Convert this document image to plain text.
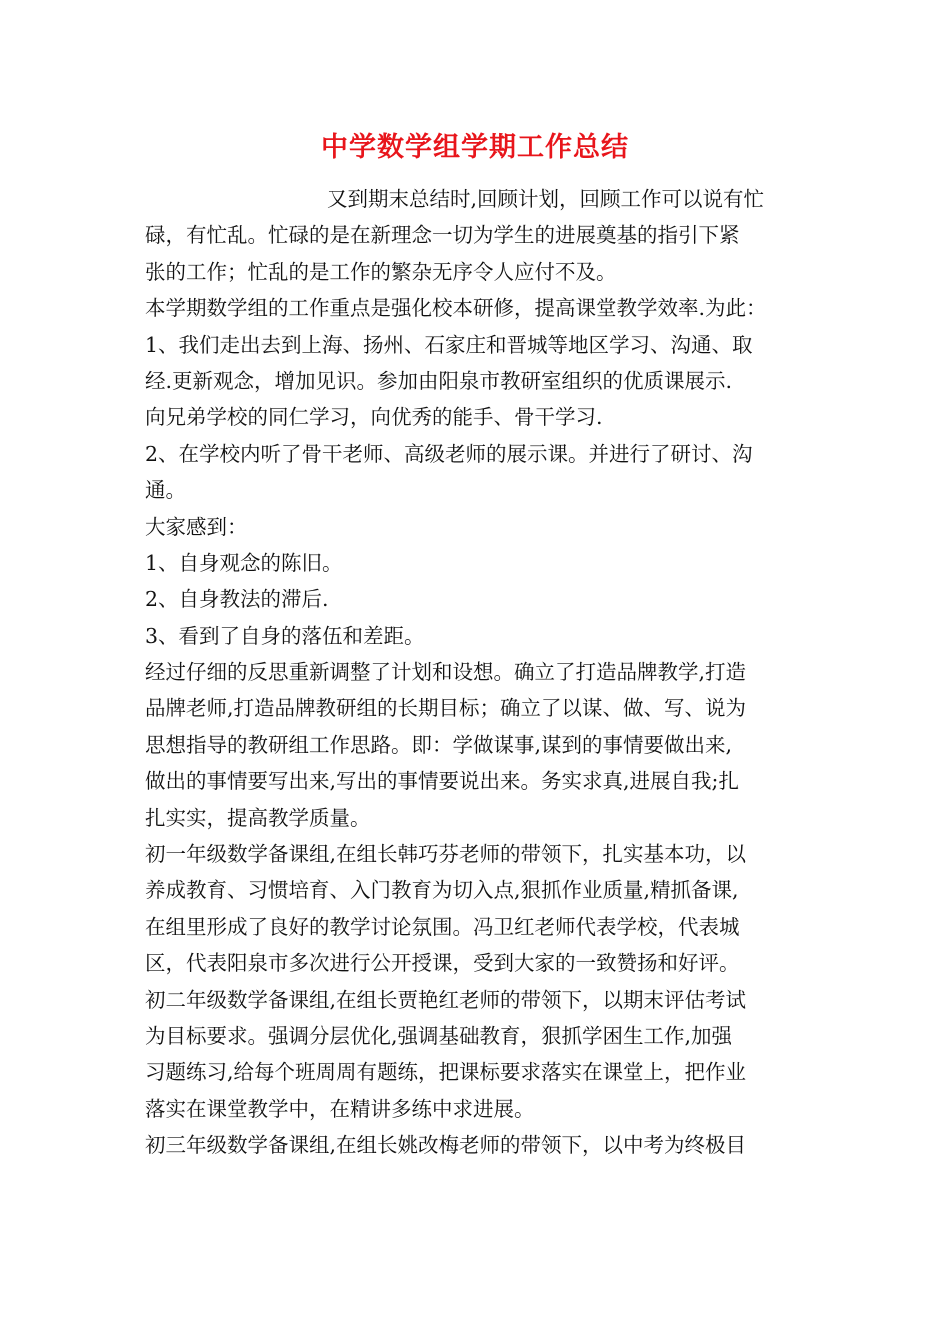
中学数学组学期工作总结
又到期末总结时,回顾计划，回顾工作可以说有忙
碌，有忙乱。忙碌的是在新理念一切为学生的进展奠基的指引下紧
张的工作；忙乱的是工作的繁杂无序令人应付不及。
本学期数学组的工作重点是强化校本研修，提高课堂教学效率.为此：
1、我们走出去到上海、扬州、石家庄和晋城等地区学习、沟通、取
经.更新观念，增加见识。参加由阳泉市教研室组织的优质课展示.
向兄弟学校的同仁学习，向优秀的能手、骨干学习.
2、在学校内听了骨干老师、高级老师的展示课。并进行了研讨、沟
通。
大家感到：
1、自身观念的陈旧。
2、自身教法的滞后.
3、看到了自身的落伍和差距。
经过仔细的反思重新调整了计划和设想。确立了打造品牌教学,打造
品牌老师,打造品牌教研组的长期目标；确立了以谋、做、写、说为
思想指导的教研组工作思路。即：学做谋事,谋到的事情要做出来,
做出的事情要写出来,写出的事情要说出来。务实求真,进展自我;扎
扎实实，提高教学质量。
初一年级数学备课组,在组长韩巧芬老师的带领下，扎实基本功，以
养成教育、习惯培育、入门教育为切入点,狠抓作业质量,精抓备课,
在组里形成了良好的教学讨论氛围。冯卫红老师代表学校，代表城
区，代表阳泉市多次进行公开授课，受到大家的一致赞扬和好评。
初二年级数学备课组,在组长贾艳红老师的带领下，以期末评估考试
为目标要求。强调分层优化,强调基础教育，狠抓学困生工作,加强
习题练习,给每个班周周有题练，把课标要求落实在课堂上，把作业
落实在课堂教学中，在精讲多练中求进展。
初三年级数学备课组,在组长姚改梅老师的带领下，以中考为终极目
